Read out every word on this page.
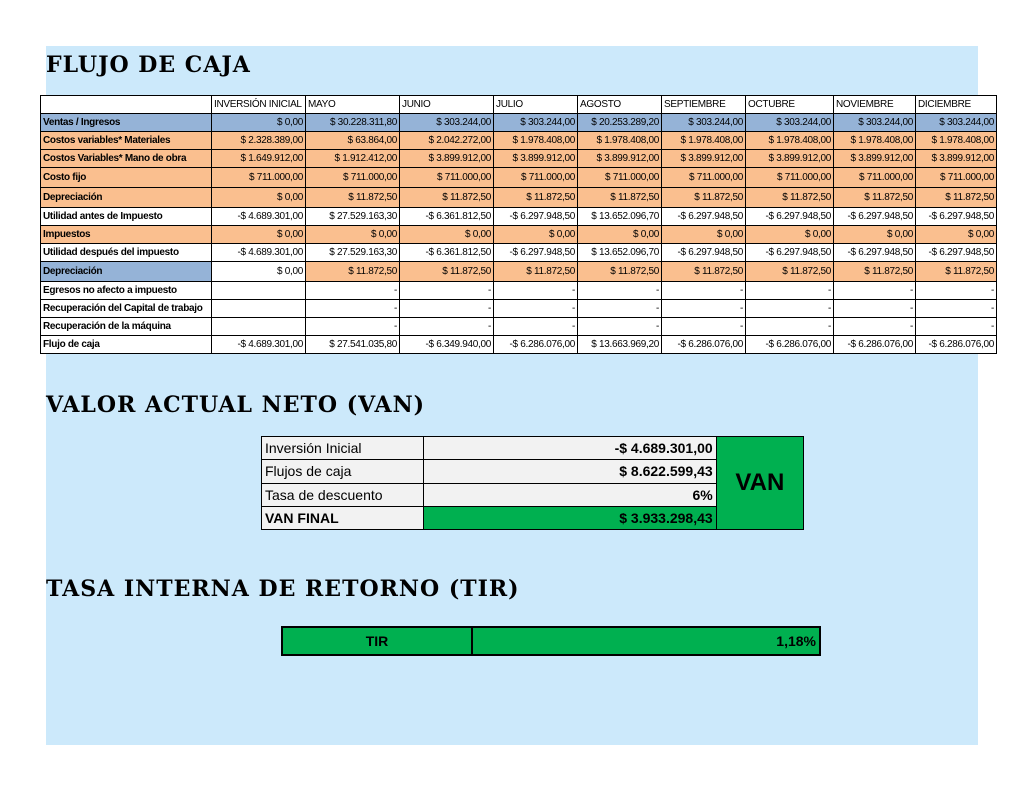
FLUJO DE CAJA
	INVERSIÓN INICIAL	MAYO	JUNIO	JULIO	AGOSTO	SEPTIEMBRE	OCTUBRE	NOVIEMBRE	DICIEMBRE
Ventas / Ingresos	$ 0,00	$ 30.228.311,80	$ 303.244,00	$ 303.244,00	$ 20.253.289,20	$ 303.244,00	$ 303.244,00	$ 303.244,00	$ 303.244,00
Costos variables* Materiales	$ 2.328.389,00	$ 63.864,00	$ 2.042.272,00	$ 1.978.408,00	$ 1.978.408,00	$ 1.978.408,00	$ 1.978.408,00	$ 1.978.408,00	$ 1.978.408,00
Costos Variables* Mano de obra	$ 1.649.912,00	$ 1.912.412,00	$ 3.899.912,00	$ 3.899.912,00	$ 3.899.912,00	$ 3.899.912,00	$ 3.899.912,00	$ 3.899.912,00	$ 3.899.912,00
Costo fijo	$ 711.000,00	$ 711.000,00	$ 711.000,00	$ 711.000,00	$ 711.000,00	$ 711.000,00	$ 711.000,00	$ 711.000,00	$ 711.000,00
Depreciación	$ 0,00	$ 11.872,50	$ 11.872,50	$ 11.872,50	$ 11.872,50	$ 11.872,50	$ 11.872,50	$ 11.872,50	$ 11.872,50
Utilidad antes de Impuesto	-$ 4.689.301,00	$ 27.529.163,30	-$ 6.361.812,50	-$ 6.297.948,50	$ 13.652.096,70	-$ 6.297.948,50	-$ 6.297.948,50	-$ 6.297.948,50	-$ 6.297.948,50
Impuestos	$ 0,00	$ 0,00	$ 0,00	$ 0,00	$ 0,00	$ 0,00	$ 0,00	$ 0,00	$ 0,00
Utilidad después del impuesto	-$ 4.689.301,00	$ 27.529.163,30	-$ 6.361.812,50	-$ 6.297.948,50	$ 13.652.096,70	-$ 6.297.948,50	-$ 6.297.948,50	-$ 6.297.948,50	-$ 6.297.948,50
Depreciación	$ 0,00	$ 11.872,50	$ 11.872,50	$ 11.872,50	$ 11.872,50	$ 11.872,50	$ 11.872,50	$ 11.872,50	$ 11.872,50
Egresos no afecto a impuesto		-	-	-	-	-	-	-	-
Recuperación del Capital de trabajo		-	-	-	-	-	-	-	-
Recuperación de la máquina		-	-	-	-	-	-	-	-
Flujo de caja	-$ 4.689.301,00	$ 27.541.035,80	-$ 6.349.940,00	-$ 6.286.076,00	$ 13.663.969,20	-$ 6.286.076,00	-$ 6.286.076,00	-$ 6.286.076,00	-$ 6.286.076,00
VALOR ACTUAL NETO (VAN)
Inversión Inicial	-$ 4.689.301,00	VAN
Flujos de caja	$ 8.622.599,43	
Tasa de descuento	6%	
VAN FINAL	$ 3.933.298,43	
TASA INTERNA DE RETORNO (TIR)
TIR	1,18%
